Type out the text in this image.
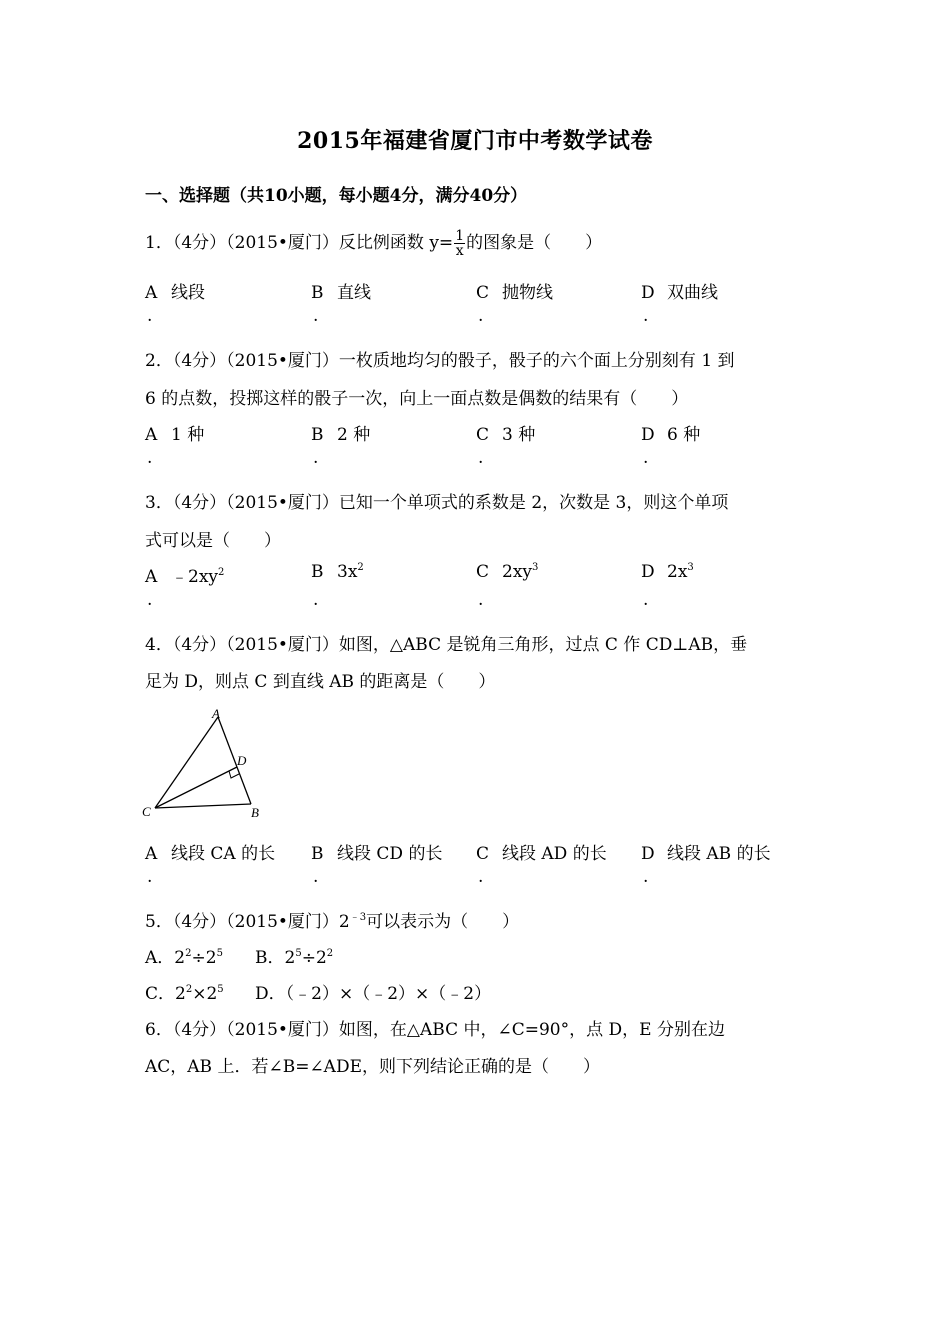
2015年福建省厦门市中考数学试卷
一、选择题（共10小题，每小题4分，满分40分）
1．（4分）（2015•厦门）反比例函数 $y= \frac{1}{x}$ 的图象是（　　）
A 线段
.
B 直线
.
C 抛物线
.
D 双曲线
.
2．（4分）（2015•厦门）一枚质地均匀的骰子，骰子的六个面上分别刻有 1 到
6 的点数，投掷这样的骰子一次，向上一面点数是偶数的结果有（　　）
A 1 种
.
B 2 种
.
C 3 种
.
D 6 种
.
3．（4分）（2015•厦门）已知一个单项式的系数是 2，次数是 3，则这个单项
式可以是（　　）
A $﹣2xy^2$
.
B $3x^2$
.
C $2xy^3$
.
D $2x^3$
.
4．（4分）（2015•厦门）如图，△ABC 是锐角三角形，过点 C 作 CD⊥AB，垂
足为 D，则点 C 到直线 AB 的距离是（　　）
A
D
C	B
A 线段 CA 的长
.
B 线段 CD 的长
.
C 线段 AD 的长
.
D 线段 AB 的长
.
5．（4分）（2015•厦门）$2^{﹣3}$可以表示为（　　）
A．$2^2\div 2^5$ B．$2^5\div 2^2$
C．$2^2\times 2^5$ D．（﹣2）×（﹣2）×（﹣2）
6．（4分）（2015•厦门）如图，在△ABC 中，∠C=90°，点 D，E 分别在边
AC，AB 上．若∠B=∠ADE，则下列结论正确的是（　　）
